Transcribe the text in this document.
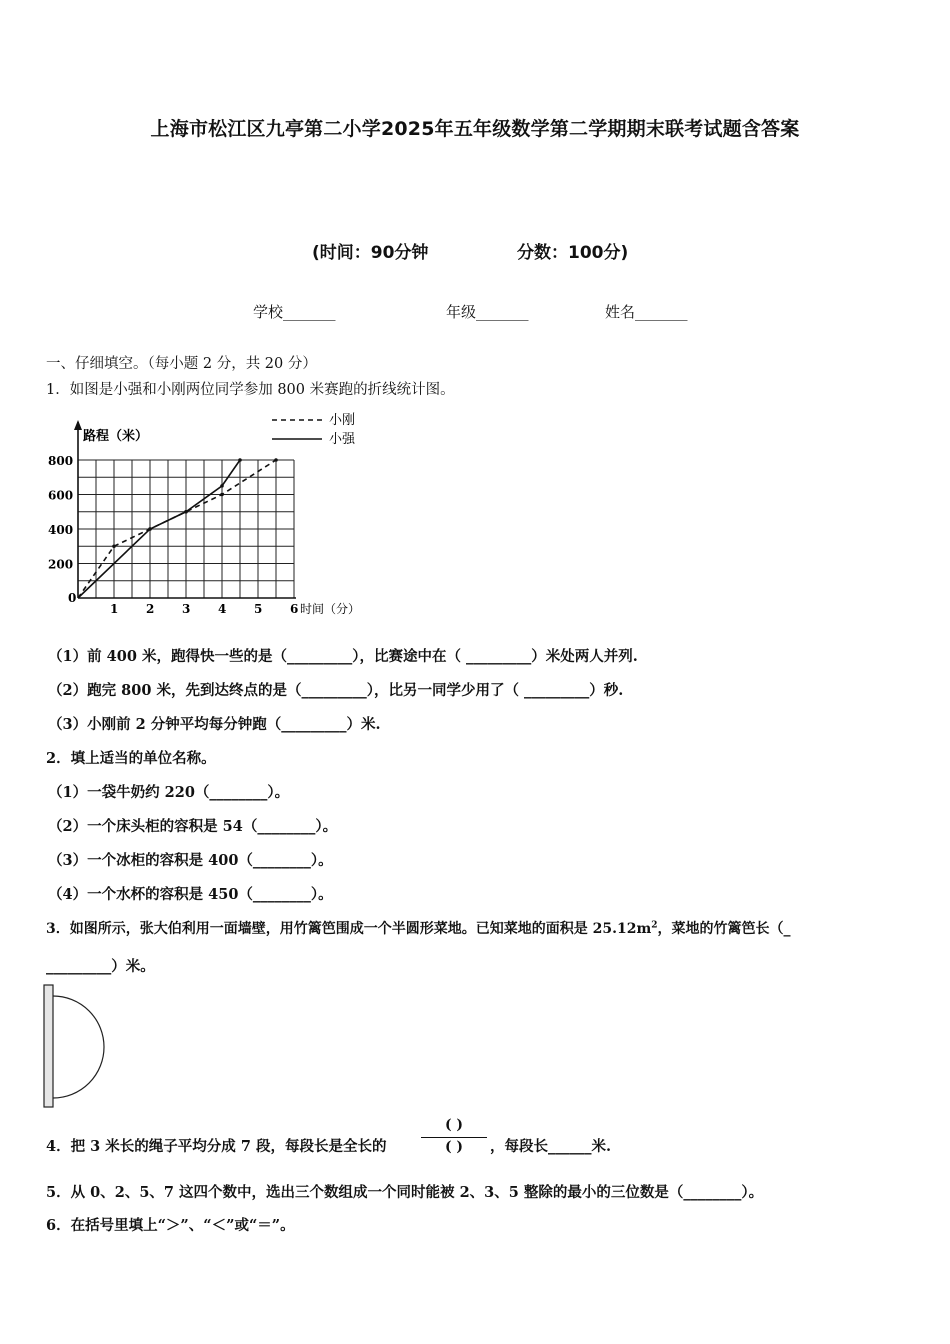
上海市松江区九亭第二小学2025年五年级数学第二学期期末联考试题含答案
(时间：90分钟	分数：100分)
学校_______	年级_______	姓名_______
一、仔细填空。（每小题 2 分，共 20 分）
1．如图是小强和小刚两位同学参加 800 米赛跑的折线统计图。
0
1 2 3 4 5 6
200
400
600
800
路程（米）
时间（分）
小刚
小强
（1）前 400 米，跑得快一些的是（_________），比赛途中在（ _________）米处两人并列.
（2）跑完 800 米，先到达终点的是（_________），比另一同学少用了（ _________）秒.
（3）小刚前 2 分钟平均每分钟跑（_________）米.
2．填上适当的单位名称。
（1）一袋牛奶约 220（________）。
（2）一个床头柜的容积是 54（________）。
（3）一个冰柜的容积是 400（________）。
（4）一个水杯的容积是 450（________）。
3．如图所示，张大伯利用一面墙壁，用竹篱笆围成一个半圆形菜地。已知菜地的面积是 $25.12m^2$，菜地的竹篱笆长（_
_________）米。
4．把 3 米长的绳子平均分成 7 段，每段长是全长的
( )
( )	，每段长______米.
5．从 0、2、5、7 这四个数中，选出三个数组成一个同时能被 2、3、5 整除的最小的三位数是（________）。
6．在括号里填上“＞”、“＜”或“＝”。
